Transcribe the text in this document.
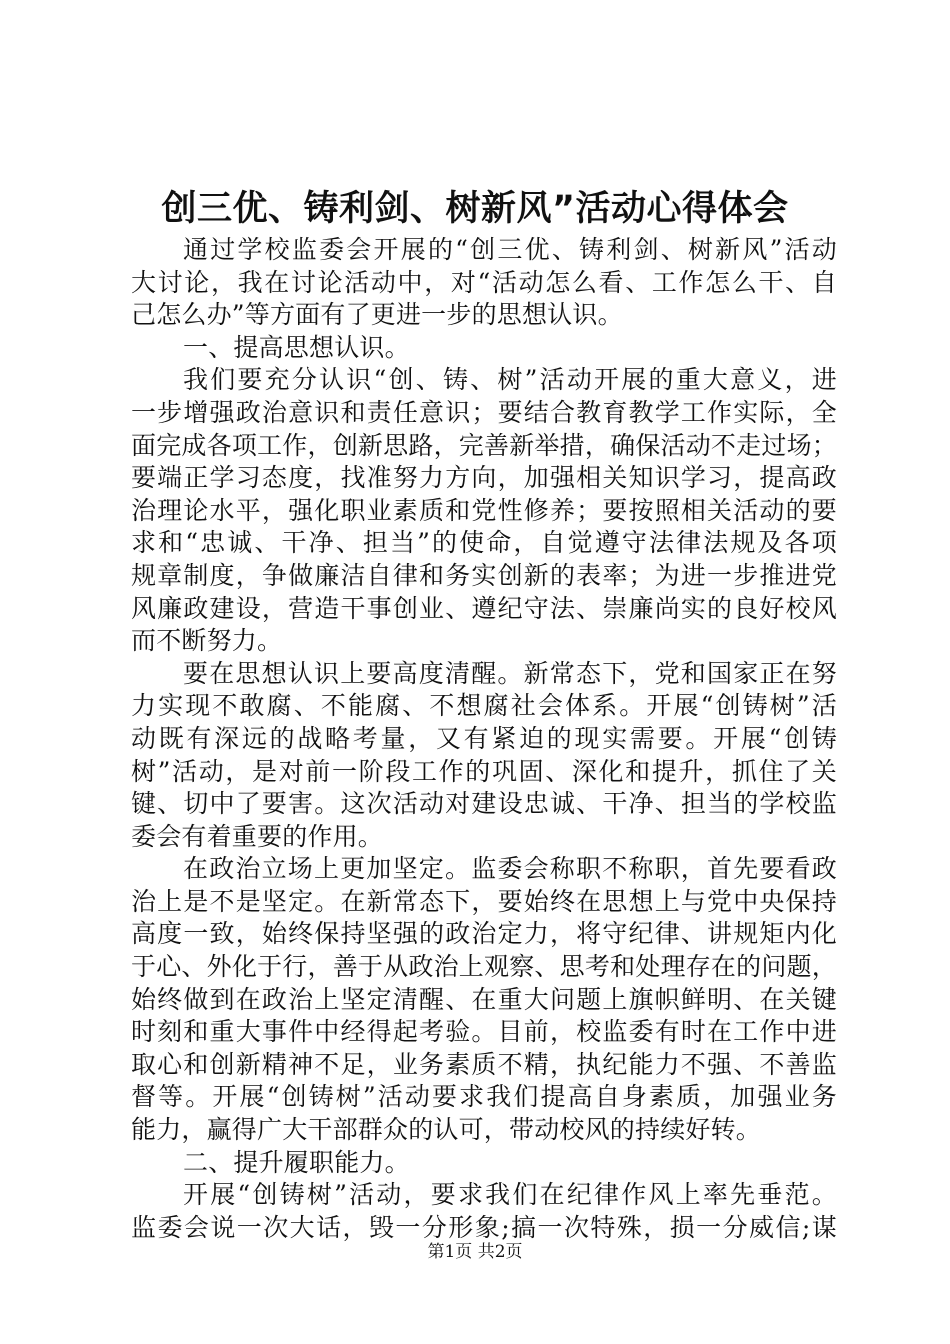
创三优、铸利剑、树新风”活动心得体会
通过学校监委会开展的“创三优、铸利剑、树新风”活动
大讨论，我在讨论活动中，对“活动怎么看、工作怎么干、自
己怎么办”等方面有了更进一步的思想认识。
一、提高思想认识。
我们要充分认识“创、铸、树”活动开展的重大意义，进
一步增强政治意识和责任意识；要结合教育教学工作实际，全
面完成各项工作，创新思路，完善新举措，确保活动不走过场；
要端正学习态度，找准努力方向，加强相关知识学习，提高政
治理论水平，强化职业素质和党性修养；要按照相关活动的要
求和“忠诚、干净、担当”的使命，自觉遵守法律法规及各项
规章制度，争做廉洁自律和务实创新的表率；为进一步推进党
风廉政建设，营造干事创业、遵纪守法、崇廉尚实的良好校风
而不断努力。
要在思想认识上要高度清醒。新常态下，党和国家正在努
力实现不敢腐、不能腐、不想腐社会体系。开展“创铸树”活
动既有深远的战略考量，又有紧迫的现实需要。开展“创铸
树”活动，是对前一阶段工作的巩固、深化和提升，抓住了关
键、切中了要害。这次活动对建设忠诚、干净、担当的学校监
委会有着重要的作用。
在政治立场上更加坚定。监委会称职不称职，首先要看政
治上是不是坚定。在新常态下，要始终在思想上与党中央保持
高度一致，始终保持坚强的政治定力，将守纪律、讲规矩内化
于心、外化于行，善于从政治上观察、思考和处理存在的问题，
始终做到在政治上坚定清醒、在重大问题上旗帜鲜明、在关键
时刻和重大事件中经得起考验。目前，校监委有时在工作中进
取心和创新精神不足，业务素质不精，执纪能力不强、不善监
督等。开展“创铸树”活动要求我们提高自身素质，加强业务
能力，赢得广大干部群众的认可，带动校风的持续好转。
二、提升履职能力。
开展“创铸树”活动，要求我们在纪律作风上率先垂范。
监委会说一次大话，毁一分形象;搞一次特殊，损一分威信;谋
第1页 共2页
